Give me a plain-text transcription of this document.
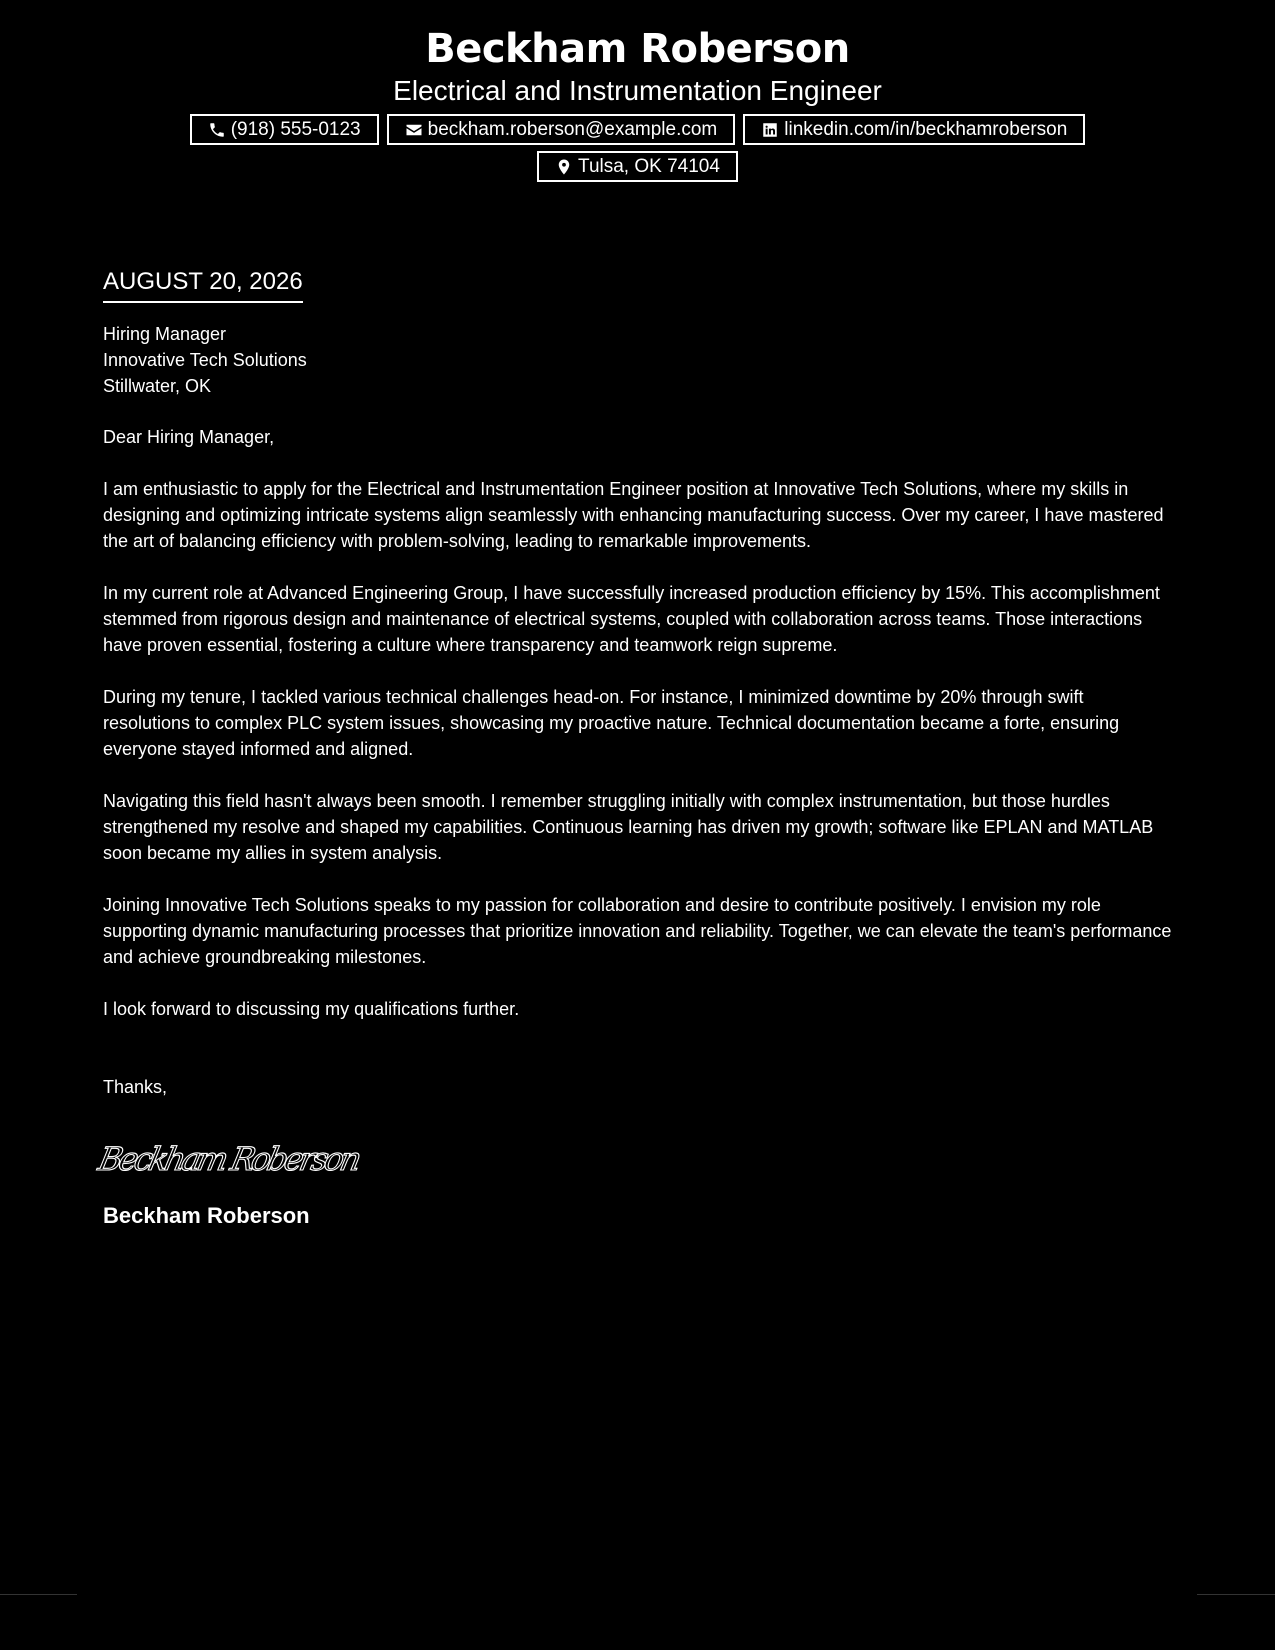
Beckham Roberson
Electrical and Instrumentation Engineer
(918) 555-0123	beckham.roberson@example.com	linkedin.com/in/beckhamroberson
Tulsa, OK 74104
AUGUST 20, 2026
Hiring Manager
Innovative Tech Solutions
Stillwater, OK
Dear Hiring Manager,
I am enthusiastic to apply for the Electrical and Instrumentation Engineer position at Innovative Tech Solutions, where my skills in designing and optimizing intricate systems align seamlessly with enhancing manufacturing success. Over my career, I have mastered the art of balancing efficiency with problem-solving, leading to remarkable improvements.
In my current role at Advanced Engineering Group, I have successfully increased production efficiency by 15%. This accomplishment stemmed from rigorous design and maintenance of electrical systems, coupled with collaboration across teams. Those interactions have proven essential, fostering a culture where transparency and teamwork reign supreme.
During my tenure, I tackled various technical challenges head-on. For instance, I minimized downtime by 20% through swift resolutions to complex PLC system issues, showcasing my proactive nature. Technical documentation became a forte, ensuring everyone stayed informed and aligned.
Navigating this field hasn't always been smooth. I remember struggling initially with complex instrumentation, but those hurdles strengthened my resolve and shaped my capabilities. Continuous learning has driven my growth; software like EPLAN and MATLAB soon became my allies in system analysis.
Joining Innovative Tech Solutions speaks to my passion for collaboration and desire to contribute positively. I envision my role supporting dynamic manufacturing processes that prioritize innovation and reliability. Together, we can elevate the team's performance and achieve groundbreaking milestones.
I look forward to discussing my qualifications further.
Thanks,
Beckham Roberson
Beckham Roberson
